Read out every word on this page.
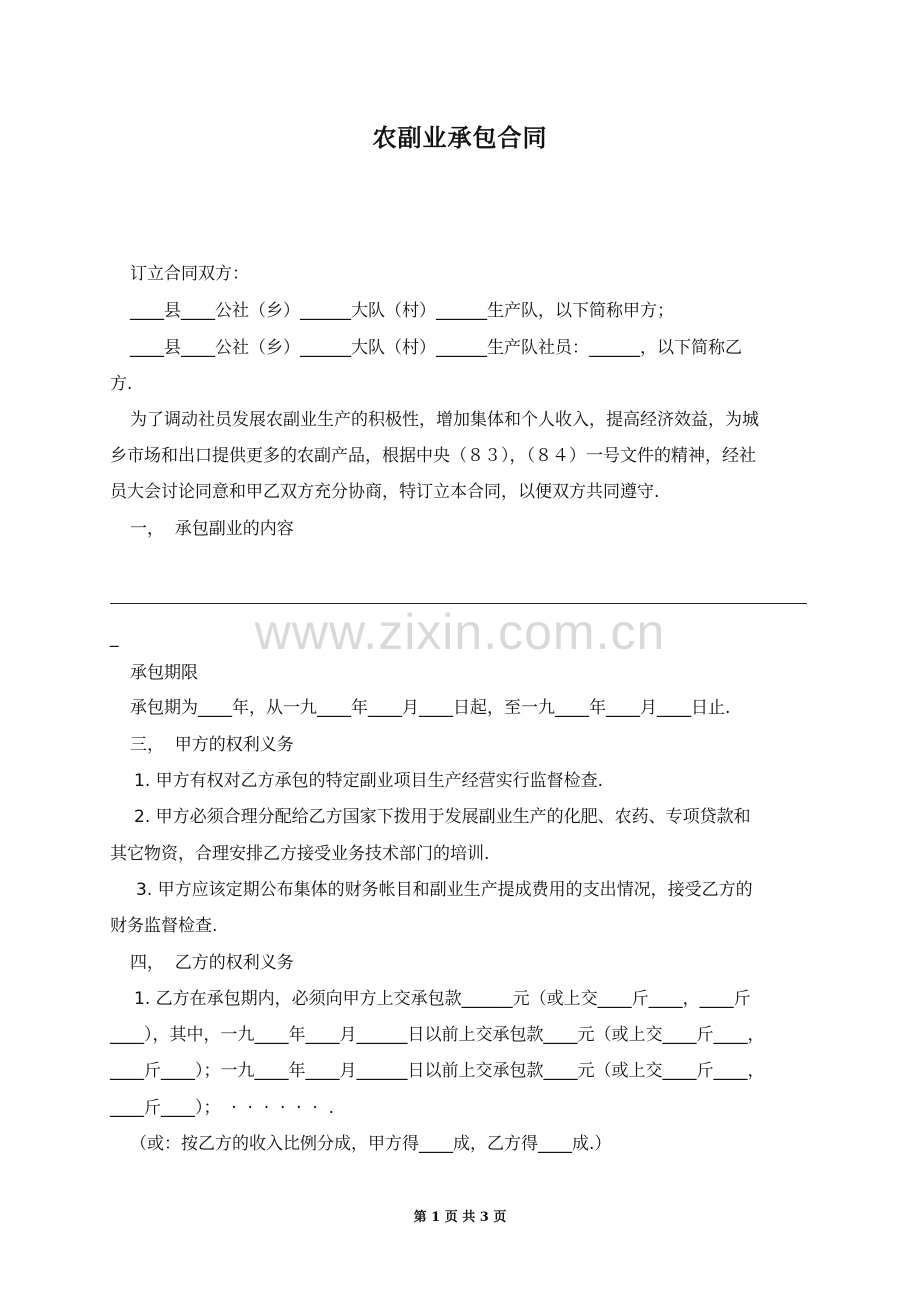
农副业承包合同
订立合同双方：
____县____公社（乡）______大队（村）______生产队，以下简称甲方；
____县____公社（乡）______大队（村）______生产队社员：______，以下简称乙
方.
为了调动社员发展农副业生产的积极性，增加集体和个人收入，提高经济效益，为城
乡市场和出口提供更多的农副产品，根据中央（８３），（８４）一号文件的精神，经社
员大会讨论同意和甲乙双方充分协商，特订立本合同，以便双方共同遵守.
一，  承包副业的内容
www.zixin.com.cn
_
承包期限
承包期为____年，从一九____年____月____日起，至一九____年____月____日止.
三，  甲方的权利义务
1. 甲方有权对乙方承包的特定副业项目生产经营实行监督检查.
2. 甲方必须合理分配给乙方国家下拨用于发展副业生产的化肥、农药、专项贷款和
其它物资，合理安排乙方接受业务技术部门的培训.
3. 甲方应该定期公布集体的财务帐目和副业生产提成费用的支出情况，接受乙方的
财务监督检查.
四，  乙方的权利义务
1. 乙方在承包期内，必须向甲方上交承包款______元（或上交____斤____，____斤
____），其中，一九____年____月______日以前上交承包款____元（或上交____斤____，
____斤____）；一九____年____月______日以前上交承包款____元（或上交____斤____，
____斤____）；  ·  ·  ·  ·  ·  ·  .
（或：按乙方的收入比例分成，甲方得____成，乙方得____成.）
第 1 页 共 3 页
